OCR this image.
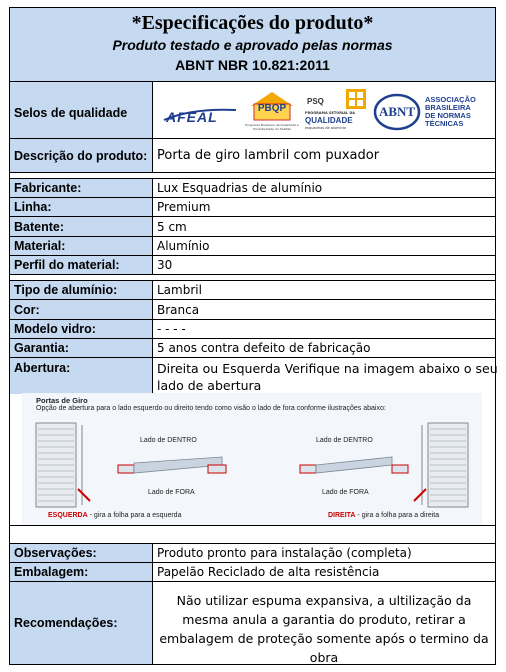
*Especificações do produto*
Produto testado e aprovado pelas normas
ABNT NBR 10.821:2011
Selos de qualidade	AFEAL
PBQP
Programa Brasileiro da Qualidade e Produtividade do Habitat
PSQ
PROGRAMA SETORIAL DA
QUALIDADE
esquadrias de alumínio
ABNT
ASSOCIAÇÃO
BRASILEIRA
DE NORMAS
TÉCNICAS
Descrição do produto: Porta de giro lambril com puxador
Fabricante:	Lux Esquadrias de alumínio
Linha:	Premium
Batente:	5 cm
Material:	Alumínio
Perfil do material:	30
Tipo de alumínio:	Lambril
Cor:	Branca
Modelo vidro:	- - - -
Garantia:	5 anos contra defeito de fabricação
Abertura:	Direita ou Esquerda Verifique na imagem abaixo o seu
lado de abertura
Portas de Giro
Opção de abertura para o lado esquerdo ou direito tendo como visão o lado de fora conforme ilustrações abaixo:
Lado de DENTRO
Lado de FORA
Lado de DENTRO
Lado de FORA
ESQUERDA - gira a folha para a esquerda	DIREITA - gira a folha para a direita
Observações:	Produto pronto para instalação (completa)
Embalagem:	Papelão Reciclado de alta resistência
Recomendações:
Não utilizar espuma expansiva, a ultilização da mesma anula a garantia do produto, retirar a embalagem de proteção somente após o termino da obra
